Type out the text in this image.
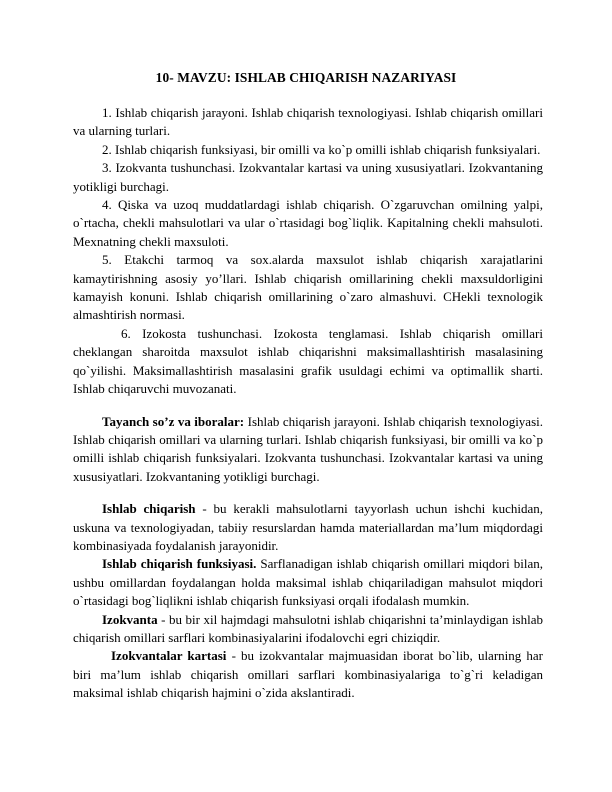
10- MAVZU: ISHLAB CHIQARISH NAZARIYASI

1. Ishlab chiqarish jarayoni. Ishlab chiqarish texnologiyasi. Ishlab chiqarish omillari va ularning turlari.

2. Ishlab chiqarish funksiyasi, bir omilli va ko`p omilli ishlab chiqarish funksiyalari.

3. Izokvanta tushunchasi. Izokvantalar kartasi va uning xususiyatlari. Izokvantaning yotikligi burchagi.

4. Qiska va uzoq muddatlardagi ishlab chiqarish. O`zgaruvchan omilning yalpi, o`rtacha, chekli mahsulotlari va ular o`rtasidagi bog`liqlik. Kapitalning chekli mahsuloti. Mexnatning chekli maxsuloti.

5. Etakchi tarmoq va sox.alarda maxsulot ishlab chiqarish xarajatlarini kamaytirishning asosiy yo’llari. Ishlab chiqarish omillarining chekli maxsuldorligini kamayish konuni. Ishlab chiqarish omillarining o`zaro almashuvi. CHekli texnologik almashtirish normasi.

6. Izokosta tushunchasi. Izokosta tenglamasi. Ishlab chiqarish omillari cheklangan sharoitda maxsulot ishlab chiqarishni maksimallashtirish masalasining qo`yilishi. Maksimallashtirish masalasini grafik usuldagi echimi va optimallik sharti. Ishlab chiqaruvchi muvozanati.

Tayanch so’z va iboralar: Ishlab chiqarish jarayoni. Ishlab chiqarish texnologiyasi. Ishlab chiqarish omillari va ularning turlari. Ishlab chiqarish funksiyasi, bir omilli va ko`p omilli ishlab chiqarish funksiyalari. Izokvanta tushunchasi. Izokvantalar kartasi va uning xususiyatlari. Izokvantaning yotikligi burchagi.

Ishlab chiqarish - bu kerakli mahsulotlarni tayyorlash uchun ishchi kuchidan, uskuna va texnologiyadan, tabiiy resurslardan hamda materiallardan ma’lum miqdordagi kombinasiyada foydalanish jarayonidir.

Ishlab chiqarish funksiyasi. Sarflanadigan ishlab chiqarish omillari miqdori bilan, ushbu omillardan foydalangan holda maksimal ishlab chiqariladigan mahsulot miqdori o`rtasidagi bog`liqlikni ishlab chiqarish funksiyasi orqali ifodalash mumkin.

Izokvanta - bu bir xil hajmdagi mahsulotni ishlab chiqarishni ta’minlaydigan ishlab chiqarish omillari sarflari kombinasiyalarini ifodalovchi egri chiziqdir.

Izokvantalar kartasi - bu izokvantalar majmuasidan iborat bo`lib, ularning har biri ma’lum ishlab chiqarish omillari sarflari kombinasiyalariga to`g`ri keladigan maksimal ishlab chiqarish hajmini o`zida akslantiradi.
